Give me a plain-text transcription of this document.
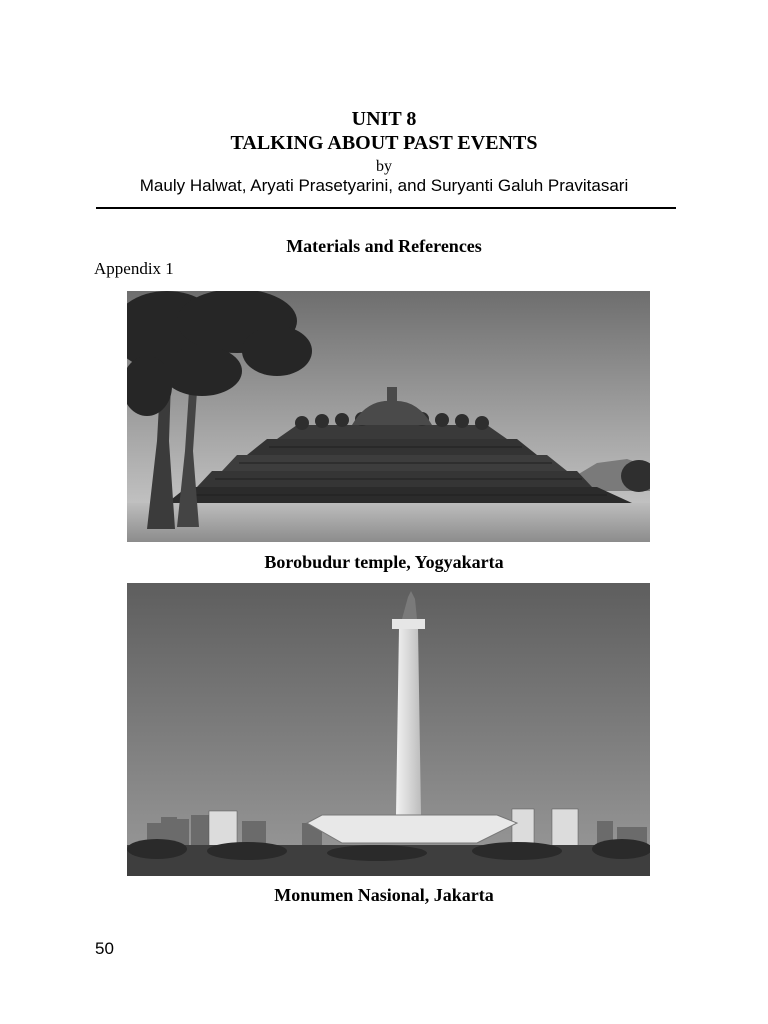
UNIT 8
TALKING ABOUT PAST EVENTS
by
Mauly Halwat, Aryati Prasetyarini, and Suryanti Galuh Pravitasari
Materials and References
Appendix 1
Borobudur temple, Yogyakarta
Monumen Nasional, Jakarta
50
